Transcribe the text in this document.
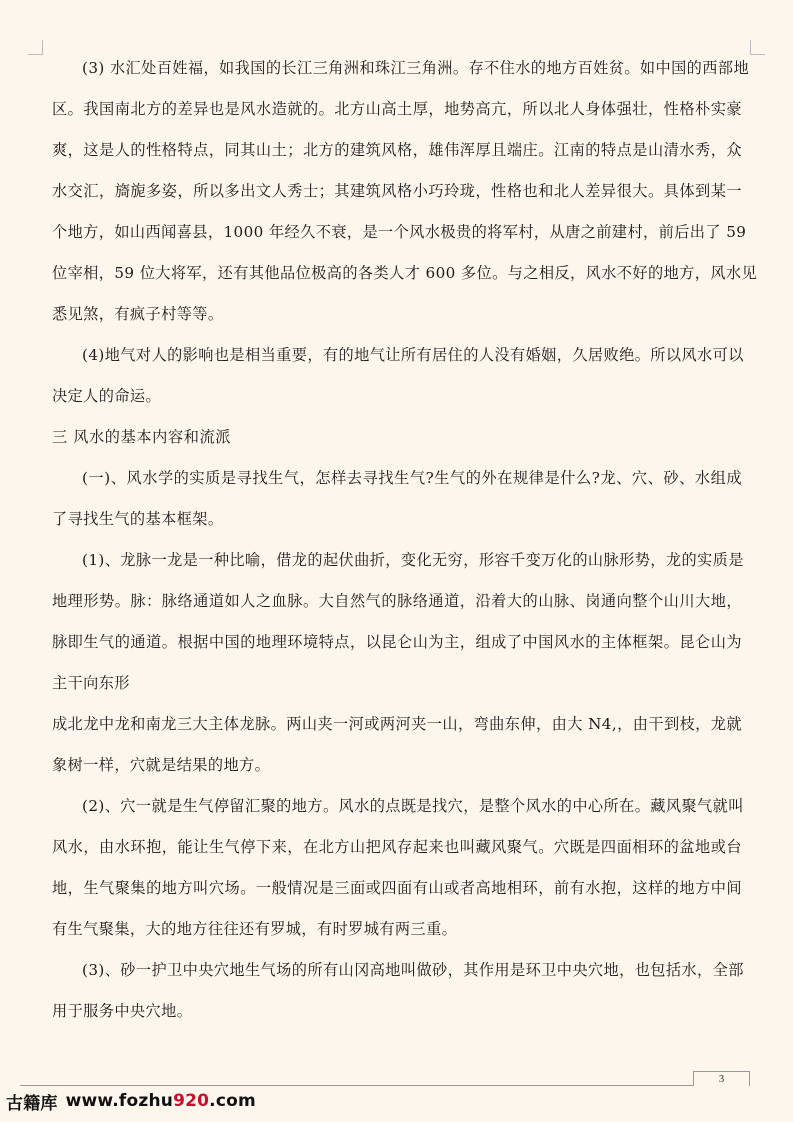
(3) 水汇处百姓福，如我国的长江三角洲和珠江三角洲。存不住水的地方百姓贫。如中国的西部地
区。我国南北方的差异也是风水造就的。北方山高土厚，地势高亢，所以北人身体强壮，性格朴实豪
爽，这是人的性格特点，同其山土；北方的建筑风格，雄伟浑厚且端庄。江南的特点是山清水秀，众
水交汇，旖旎多姿，所以多出文人秀士；其建筑风格小巧玲珑，性格也和北人差异很大。具体到某一
个地方，如山西闻喜县，1000 年经久不衰，是一个风水极贵的将军村，从唐之前建村，前后出了 59
位宰相，59 位大将军，还有其他品位极高的各类人才 600 多位。与之相反，风水不好的地方，风水见
悉见煞，有疯子村等等。
(4)地气对人的影响也是相当重要，有的地气让所有居住的人没有婚姻，久居败绝。所以风水可以
决定人的命运。
三 风水的基本内容和流派
(一)、风水学的实质是寻找生气，怎样去寻找生气?生气的外在规律是什么?龙、穴、砂、水组成
了寻找生气的基本框架。
(1)、龙脉一龙是一种比喻，借龙的起伏曲折，变化无穷，形容千变万化的山脉形势，龙的实质是
地理形势。脉：脉络通道如人之血脉。大自然气的脉络通道，沿着大的山脉、岗通向整个山川大地，
脉即生气的通道。根据中国的地理环境特点，以昆仑山为主，组成了中国风水的主体框架。昆仑山为
主干向东形
成北龙中龙和南龙三大主体龙脉。两山夹一河或两河夹一山，弯曲东伸，由大 N4,，由干到枝，龙就
象树一样，穴就是结果的地方。
(2)、穴一就是生气停留汇聚的地方。风水的点既是找穴，是整个风水的中心所在。藏风聚气就叫
风水，由水环抱，能让生气停下来，在北方山把风存起来也叫藏风聚气。穴既是四面相环的盆地或台
地，生气聚集的地方叫穴场。一般情况是三面或四面有山或者高地相环，前有水抱，这样的地方中间
有生气聚集，大的地方往往还有罗城，有时罗城有两三重。
(3)、砂一护卫中央穴地生气场的所有山冈高地叫做砂，其作用是环卫中央穴地，也包括水，全部
用于服务中央穴地。
3
古籍库 www.fozhu920.com
